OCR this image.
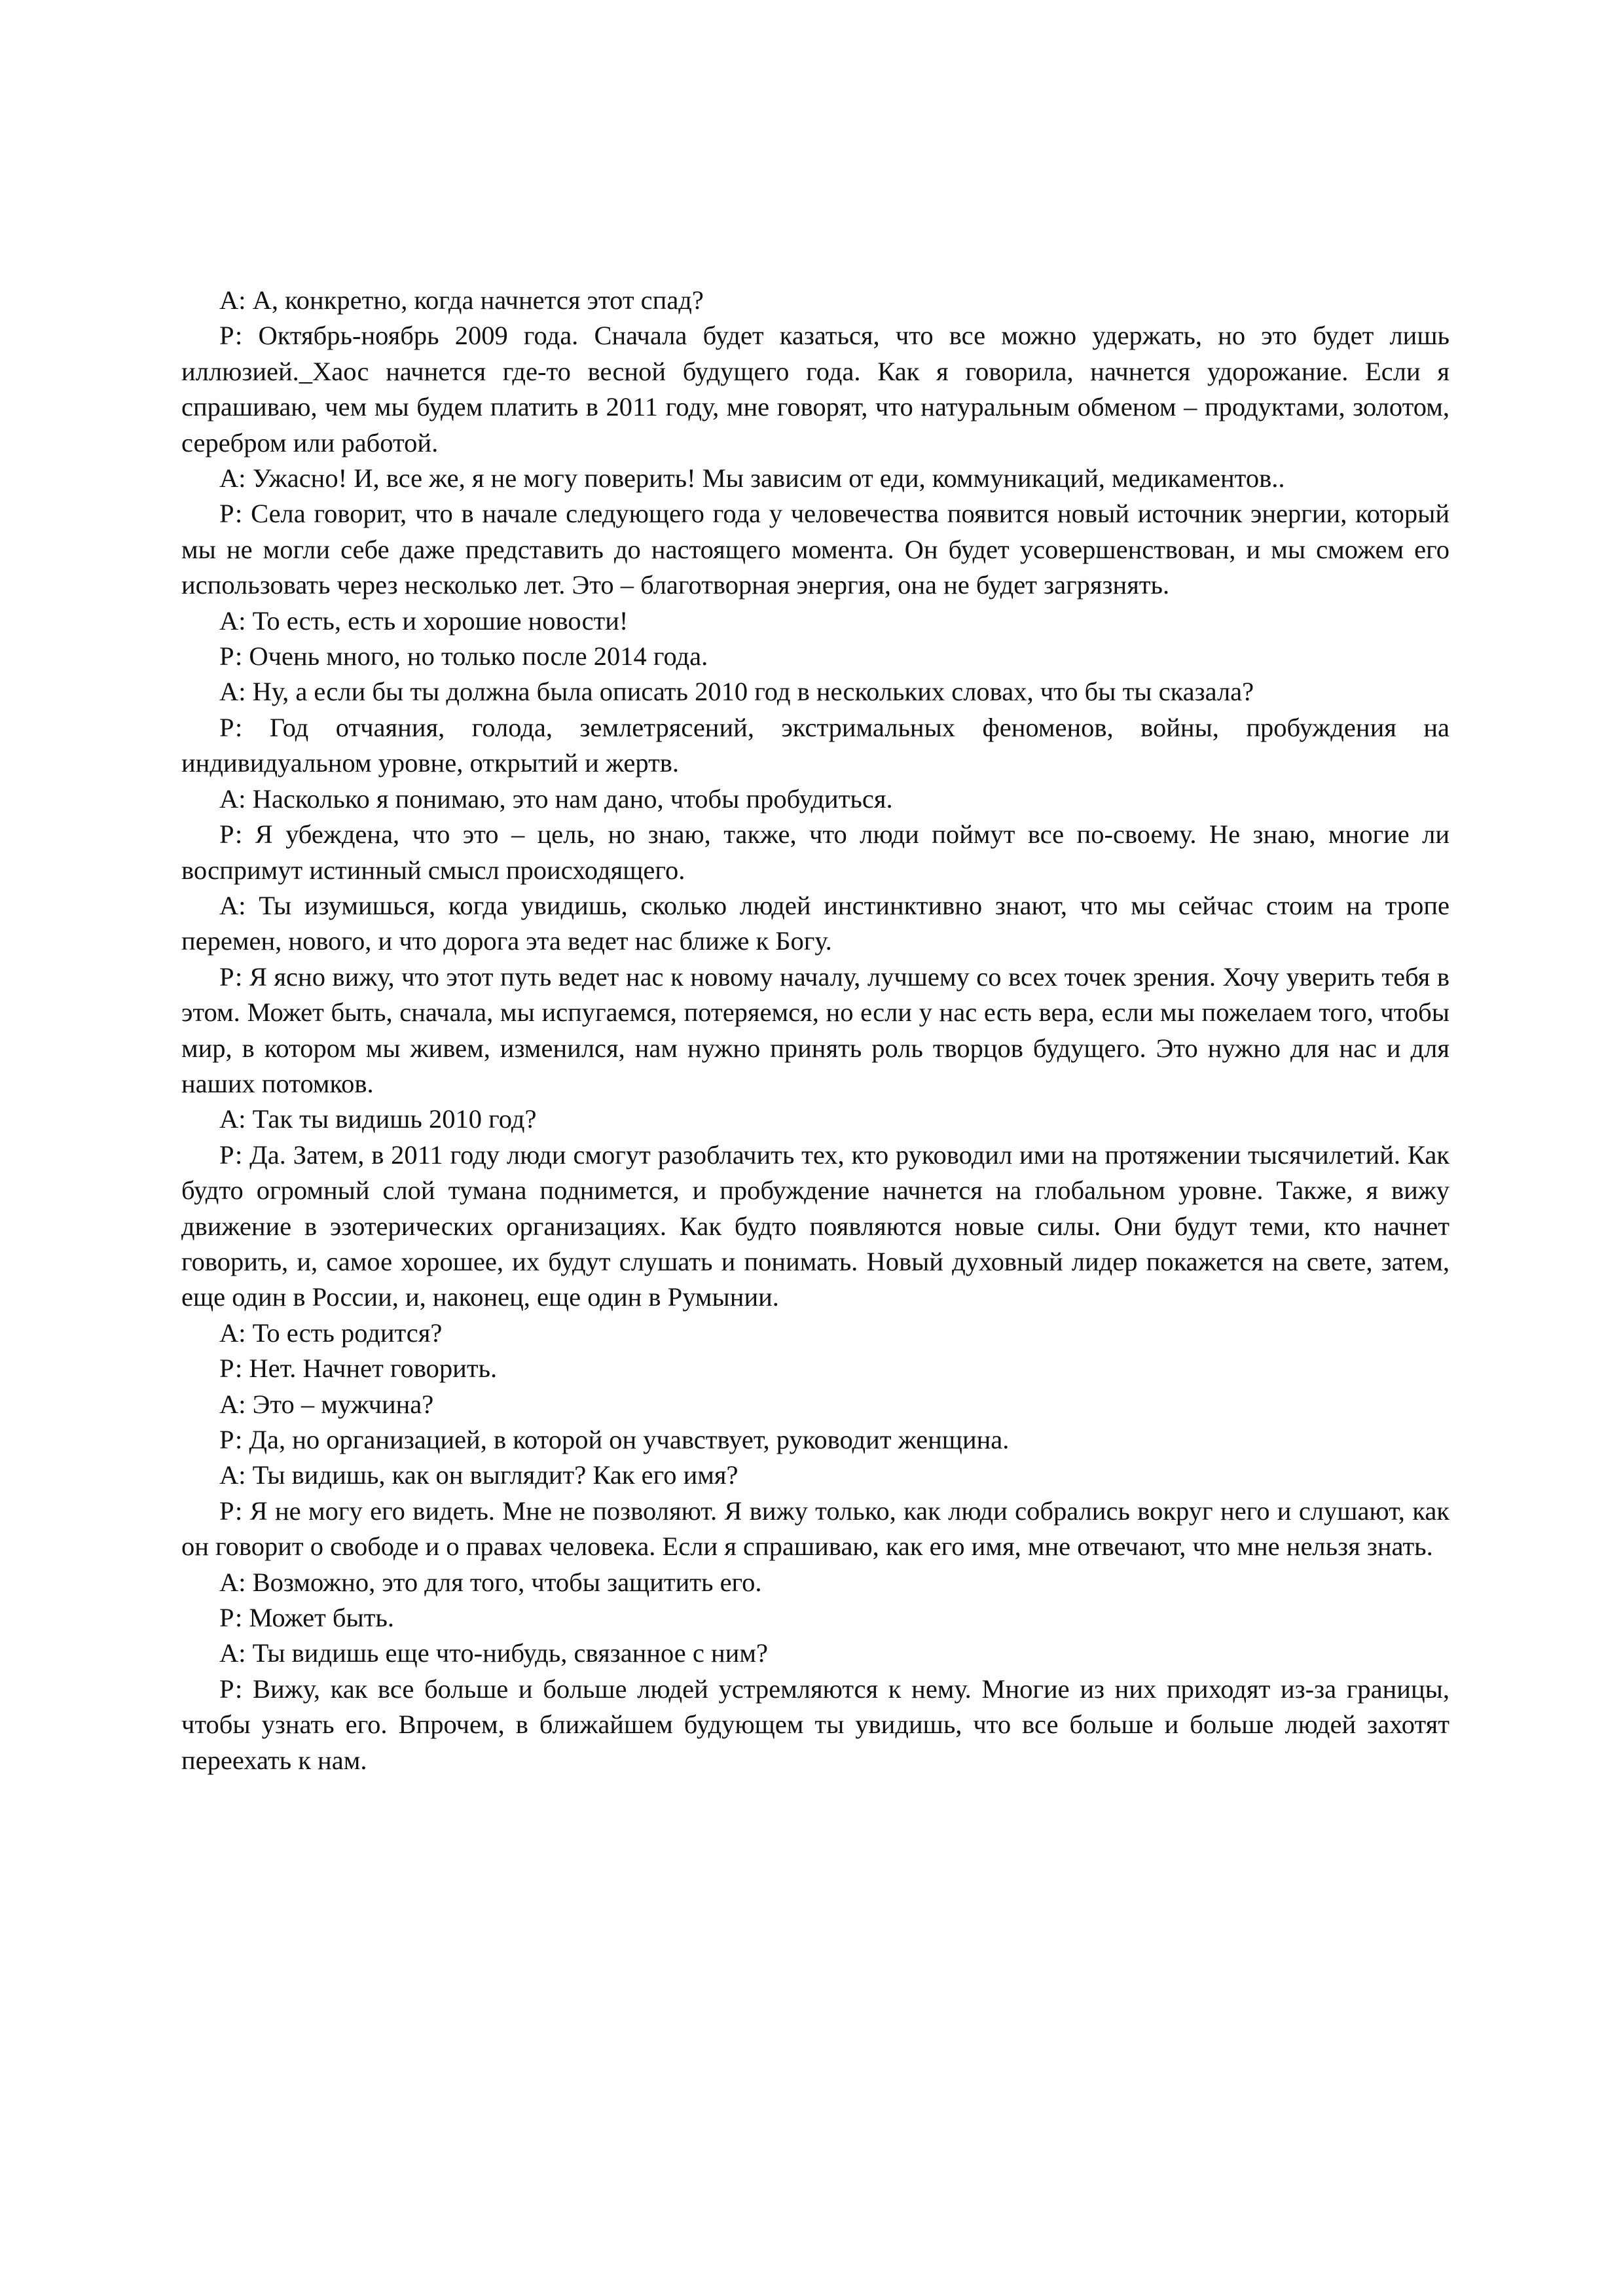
А: А, конкретно, когда начнется этот спад?

Р: Октябрь-ноябрь 2009 года. Сначала будет казаться, что все можно удержать, но это будет лишь иллюзией._Хаос начнется где-то весной будущего года. Как я говорила, начнется удорожание. Если я спрашиваю, чем мы будем платить в 2011 году, мне говорят, что натуральным обменом – продуктами, золотом, серебром или работой.

А: Ужасно! И, все же, я не могу поверить! Мы зависим от еди, коммуникаций, медикаментов..

Р: Села говорит, что в начале следующего года у человечества появится новый источник энергии, который мы не могли себе даже представить до настоящего момента. Он будет усовершенствован, и мы сможем его использовать через несколько лет. Это – благотворная энергия, она не будет загрязнять.

А: То есть, есть и хорошие новости!

Р: Очень много, но только после 2014 года.

А: Ну, а если бы ты должна была описать 2010 год в нескольких словах, что бы ты сказала?

Р: Год отчаяния, голода, землетрясений, экстримальных феноменов, войны, пробуждения на индивидуальном уровне, открытий и жертв.

А: Насколько я понимаю, это нам дано, чтобы пробудиться.

Р: Я убеждена, что это – цель, но знаю, также, что люди поймут все по-своему. Не знаю, многие ли воспримут истинный смысл происходящего.

А: Ты изумишься, когда увидишь, сколько людей инстинктивно знают, что мы сейчас стоим на тропе перемен, нового, и что дорога эта ведет нас ближе к Богу.

Р: Я ясно вижу, что этот путь ведет нас к новому началу, лучшему со всех точек зрения. Хочу уверить тебя в этом. Может быть, сначала, мы испугаемся, потеряемся, но если у нас есть вера, если мы пожелаем того, чтобы мир, в котором мы живем, изменился, нам нужно принять роль творцов будущего. Это нужно для нас и для наших потомков.

А: Так ты видишь 2010 год?

Р: Да. Затем, в 2011 году люди смогут разоблачить тех, кто руководил ими на протяжении тысячилетий. Как будто огромный слой тумана поднимется, и пробуждение начнется на глобальном уровне. Также, я вижу движение в эзотерических организациях. Как будто появляются новые силы. Они будут теми, кто начнет говорить, и, самое хорошее, их будут слушать и понимать. Новый духовный лидер покажется на свете, затем, еще один в России, и, наконец, еще один в Румынии.

А: То есть родится?

Р: Нет. Начнет говорить.

А: Это – мужчина?

Р: Да, но организацией, в которой он учавствует, руководит женщина.

А: Ты видишь, как он выглядит? Как его имя?

Р: Я не могу его видеть. Мне не позволяют. Я вижу только, как люди собрались вокруг него и слушают, как он говорит о свободе и о правах человека. Если я спрашиваю, как его имя, мне отвечают, что мне нельзя знать.

А: Возможно, это для того, чтобы защитить его.

Р: Может быть.

А: Ты видишь еще что-нибудь, связанное с ним?

Р: Вижу, как все больше и больше людей устремляются к нему. Многие из них приходят из-за границы, чтобы узнать его. Впрочем, в ближайшем будующем ты увидишь, что все больше и больше людей захотят переехать к нам.
